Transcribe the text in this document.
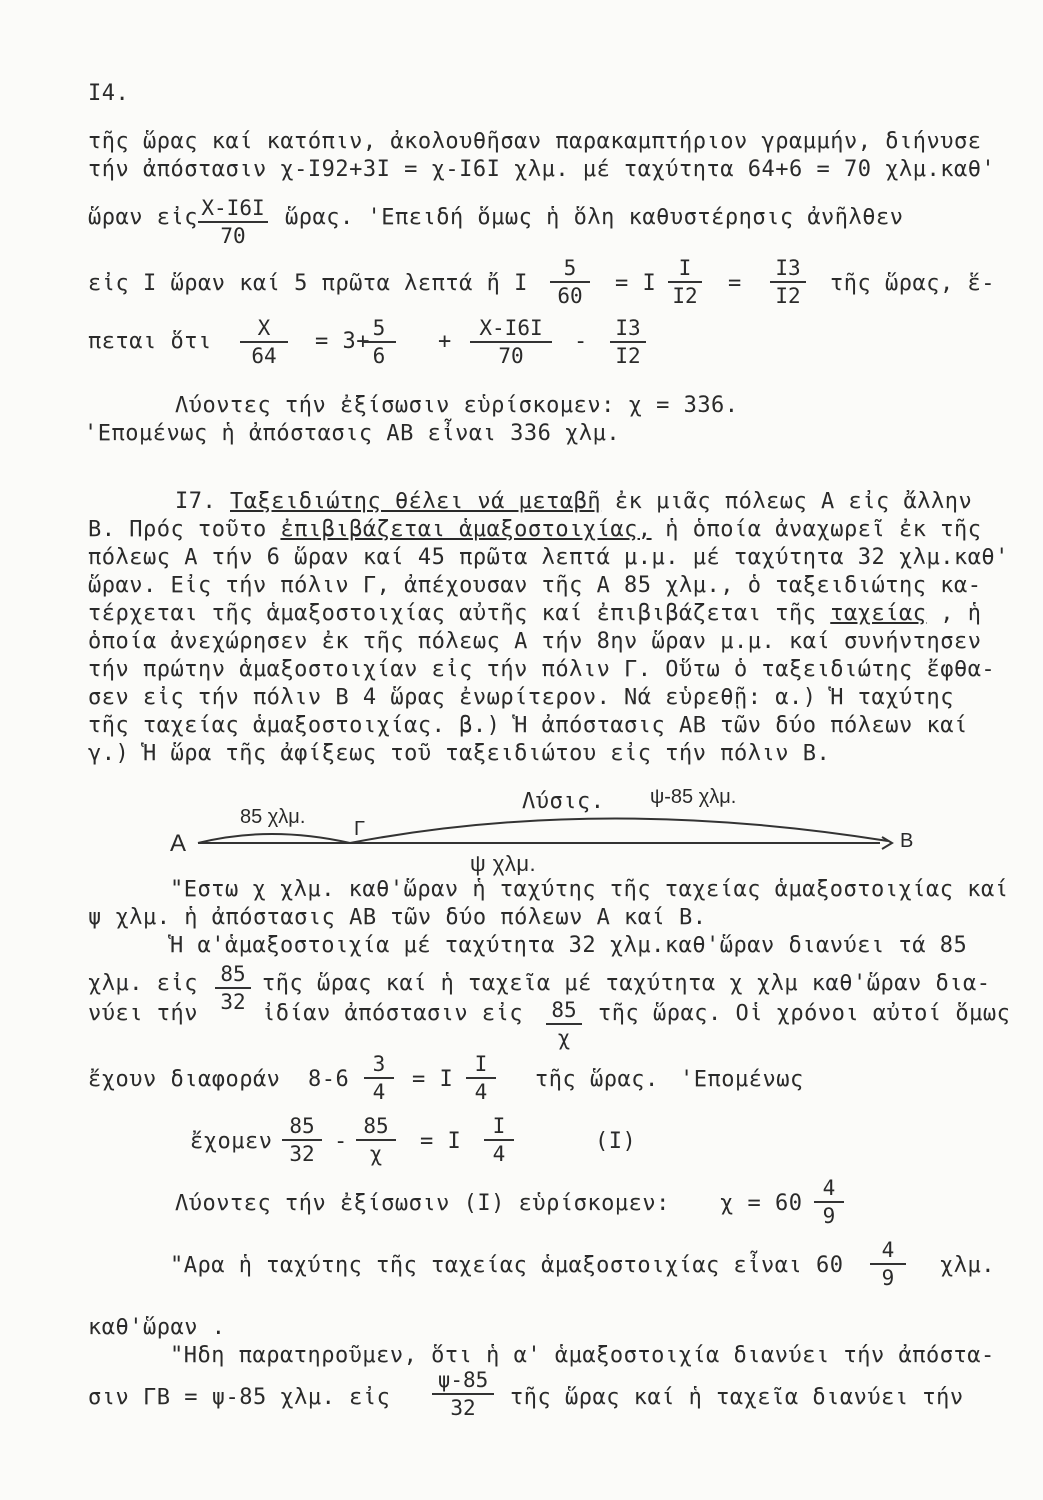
I4.
τῆς ὥρας καί κατόπιν, ἀκολουθῆσαν παρακαμπτήριον γραμμήν, διήνυσε
τήν ἀπόστασιν χ-I92+3I = χ-I6I χλμ. μέ ταχύτητα 64+6 = 70 χλμ.καθ'
ὥραν εἰς X-I6I
70
ὥρας. 'Επειδή ὅμως ἡ ὅλη καθυστέρησις ἀνῆλθεν
εἰς I ὥραν καί 5 πρῶτα λεπτά ἤ I
5
60	= I
I
I2 =
I3
I2 τῆς ὥρας, ἕ-
πεται ὅτι
X
64
= 3+
5
6
+
X-I6I
70
-
I3
I2
Λύοντες τήν ἐξίσωσιν εὑρίσκομεν: χ = 336.
'Επομένως ἡ ἀπόστασις ΑΒ εἶναι 336 χλμ.
I7. Ταξειδιώτης θέλει νά μεταβῆ ἐκ μιᾶς πόλεως Α εἰς ἄλλην
Β. Πρός τοῦτο ἐπιβιβάζεται ἁμαξοστοιχίας, ἡ ὁποία ἀναχωρεῖ ἐκ τῆς
πόλεως Α τήν 6 ὥραν καί 45 πρῶτα λεπτά μ.μ. μέ ταχύτητα 32 χλμ.καθ'
ὥραν. Εἰς τήν πόλιν Γ, ἀπέχουσαν τῆς Α 85 χλμ., ὁ ταξειδιώτης κα-
τέρχεται τῆς ἁμαξοστοιχίας αὐτῆς καί ἐπιβιβάζεται τῆς ταχείας , ἡ
ὁποία ἀνεχώρησεν ἐκ τῆς πόλεως Α τήν 8ην ὥραν μ.μ. καί συνήντησεν
τήν πρώτην ἁμαξοστοιχίαν εἰς τήν πόλιν Γ. Οὕτω ὁ ταξειδιώτης ἔφθα-
σεν εἰς τήν πόλιν Β 4 ὥρας ἐνωρίτερον. Νά εὑρεθῇ: α.) Ἡ ταχύτης
τῆς ταχείας ἁμαξοστοιχίας. β.) Ἡ ἀπόστασις ΑΒ τῶν δύο πόλεων καί
γ.) Ἡ ὥρα τῆς ἀφίξεως τοῦ ταξειδιώτου εἰς τήν πόλιν Β.
Λύσις.
Α
Γ
Β
85 χλμ.
ψ-85 χλμ.
ψ χλμ.
"Εστω χ χλμ. καθ'ὥραν ἡ ταχύτης τῆς ταχείας ἁμαξοστοιχίας καί
ψ χλμ. ἡ ἀπόστασις ΑΒ τῶν δύο πόλεων Α καί Β.
Ἡ α'ἁμαξοστοιχία μέ ταχύτητα 32 χλμ.καθ'ὥραν διανύει τά 85
χλμ. εἰς 85
32
τῆς ὥρας καί ἡ ταχεῖα μέ ταχύτητα χ χλμ καθ'ὥραν δια-
νύει τήν	ἰδίαν ἀπόστασιν εἰς 85
χ
τῆς ὥρας. Οἱ χρόνοι αὐτοί ὅμως
ἔχουν διαφοράν 8-6
3
4	= I
I
4	τῆς ὥρας. 'Επομένως
ἔχομεν
85
32 -
85
χ	= I
I
4	(I)
Λύοντες τήν ἐξίσωσιν (I) εὑρίσκομεν: χ = 60
4
9
"Αρα ἡ ταχύτης τῆς ταχείας ἁμαξοστοιχίας εἶναι 60
4
9	χλμ.
καθ'ὥραν .
"Ηδη παρατηροῦμεν, ὅτι ἡ α' ἁμαξοστοιχία διανύει τήν ἀπόστα-
σιν ΓΒ = ψ-85 χλμ. εἰς
ψ-85
32	τῆς ὥρας καί ἡ ταχεῖα διανύει τήν
